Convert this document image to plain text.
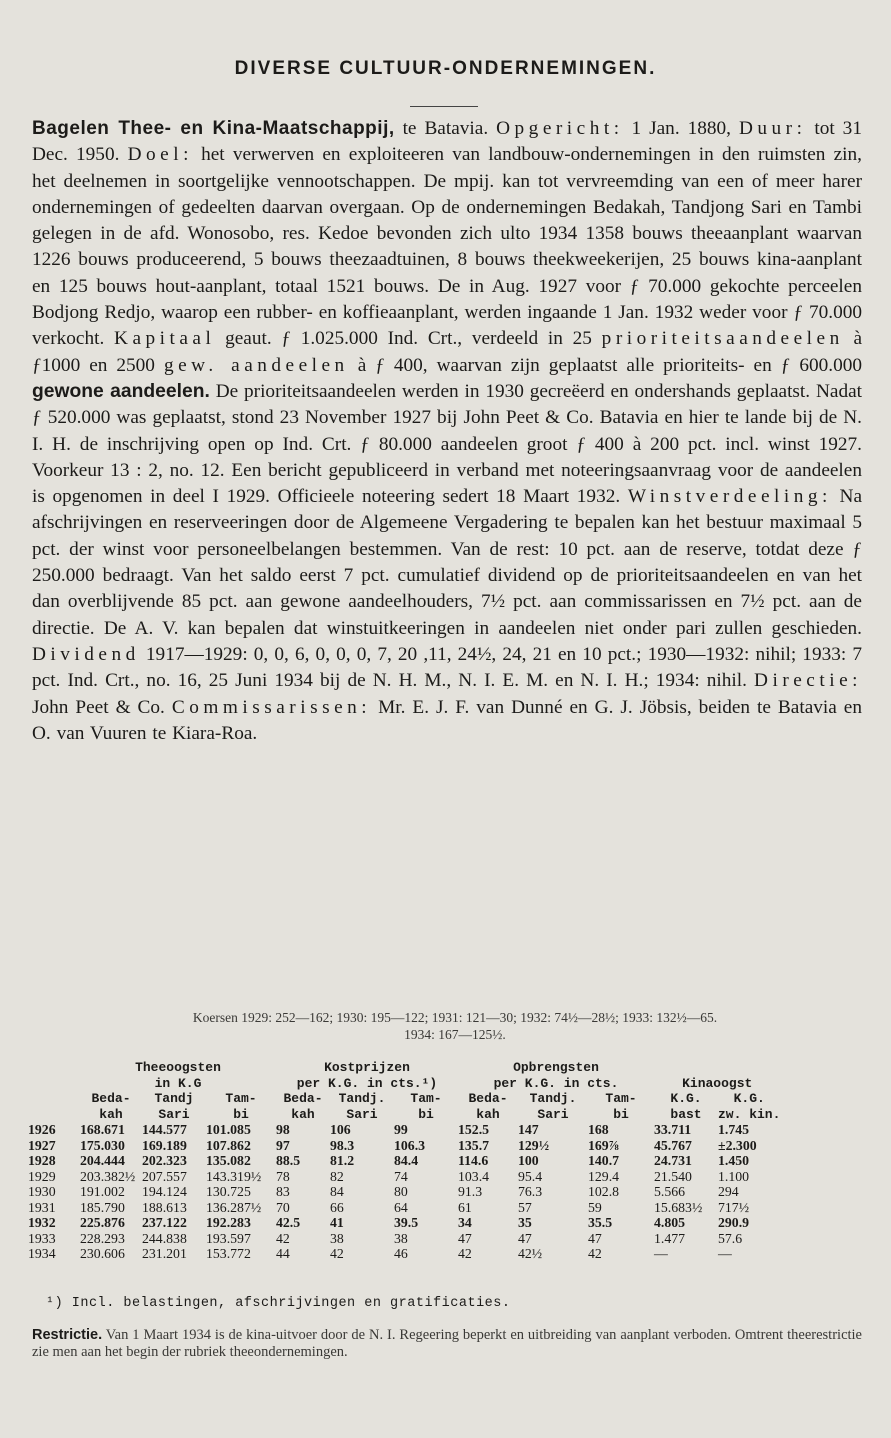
DIVERSE CULTUUR-ONDERNEMINGEN.

Bagelen Thee- en Kina-Maatschappij, te Batavia. Opgericht: 1 Jan. 1880, Duur: tot 31 Dec. 1950. Doel: het verwerven en exploiteeren van landbouw-ondernemingen in den ruimsten zin, het deelnemen in soortgelijke vennootschappen. De mpij. kan tot vervreemding van een of meer harer ondernemingen of gedeelten daarvan overgaan. Op de ondernemingen Bedakah, Tandjong Sari en Tambi gelegen in de afd. Wonosobo, res. Kedoe bevonden zich ulto 1934 1358 bouws theeaanplant waarvan 1226 bouws produceerend, 5 bouws theezaadtuinen, 8 bouws theekweekerijen, 25 bouws kina-aanplant en 125 bouws hout-aanplant, totaal 1521 bouws. De in Aug. 1927 voor ƒ 70.000 gekochte perceelen Bodjong Redjo, waarop een rubber- en koffieaanplant, werden ingaande 1 Jan. 1932 weder voor ƒ 70.000 verkocht. Kapitaal geaut. ƒ 1.025.000 Ind. Crt., verdeeld in 25 prioriteitsaandeelen à ƒ1000 en 2500 gew. aandeelen à ƒ 400, waarvan zijn geplaatst alle prioriteits- en ƒ 600.000 gewone aandeelen. De prioriteitsaandeelen werden in 1930 gecreëerd en ondershands geplaatst. Nadat ƒ 520.000 was geplaatst, stond 23 November 1927 bij John Peet & Co. Batavia en hier te lande bij de N. I. H. de inschrijving open op Ind. Crt. ƒ 80.000 aandeelen groot ƒ 400 à 200 pct. incl. winst 1927. Voorkeur 13 : 2, no. 12. Een bericht gepubliceerd in verband met noteeringsaanvraag voor de aandeelen is opgenomen in deel I 1929. Officieele noteering sedert 18 Maart 1932. Winstverdeeling: Na afschrijvingen en reserveeringen door de Algemeene Vergadering te bepalen kan het bestuur maximaal 5 pct. der winst voor personeelbelangen bestemmen. Van de rest: 10 pct. aan de reserve, totdat deze ƒ 250.000 bedraagt. Van het saldo eerst 7 pct. cumulatief dividend op de prioriteitsaandeelen en van het dan overblijvende 85 pct. aan gewone aandeelhouders, 7½ pct. aan commissarissen en 7½ pct. aan de directie. De A. V. kan bepalen dat winstuitkeeringen in aandeelen niet onder pari zullen geschieden. Dividend 1917—1929: 0, 0, 6, 0, 0, 0, 7, 20 ,11, 24½, 24, 21 en 10 pct.; 1930—1932: nihil; 1933: 7 pct. Ind. Crt., no. 16, 25 Juni 1934 bij de N. H. M., N. I. E. M. en N. I. H.; 1934: nihil. Directie: John Peet & Co. Commissarissen: Mr. E. J. F. van Dunné en G. J. Jöbsis, beiden te Batavia en O. van Vuuren te Kiara-Roa.

Koersen 1929: 252—162; 1930: 195—122; 1931: 121—30; 1932: 74½—28½; 1933: 132½—65.
1934: 167—125½.
	Theeoogsten			Kostprijzen			Opbrengsten				
	in K.G			per K.G. in cts.¹)			per K.G. in cts.			Kinaoogst	
	Beda-	Tandj	Tam-	Beda-	Tandj.	Tam-	Beda-	Tandj.	Tam-	K.G.	K.G.
	kah	Sari	bi	kah	Sari	bi	kah	Sari	bi	bast	zw. kin.
1926	168.671	144.577	101.085	98	106	99	152.5	147	168	33.711	1.745
1927	175.030	169.189	107.862	97	98.3	106.3	135.7	129½	169⅞	45.767	±2.300
1928	204.444	202.323	135.082	88.5	81.2	84.4	114.6	100	140.7	24.731	1.450
1929	203.382½	207.557	143.319½	78	82	74	103.4	95.4	129.4	21.540	1.100
1930	191.002	194.124	130.725	83	84	80	91.3	76.3	102.8	5.566	294
1931	185.790	188.613	136.287½	70	66	64	61	57	59	15.683½	717½
1932	225.876	237.122	192.283	42.5	41	39.5	34	35	35.5	4.805	290.9
1933	228.293	244.838	193.597	42	38	38	47	47	47	1.477	57.6
1934	230.606	231.201	153.772	44	42	46	42	42½	42	—	—
¹) Incl. belastingen, afschrijvingen en gratificaties.
Restrictie. Van 1 Maart 1934 is de kina-uitvoer door de N. I. Regeering beperkt en uitbreiding van aanplant verboden. Omtrent theerestrictie zie men aan het begin der rubriek theeondernemingen.
